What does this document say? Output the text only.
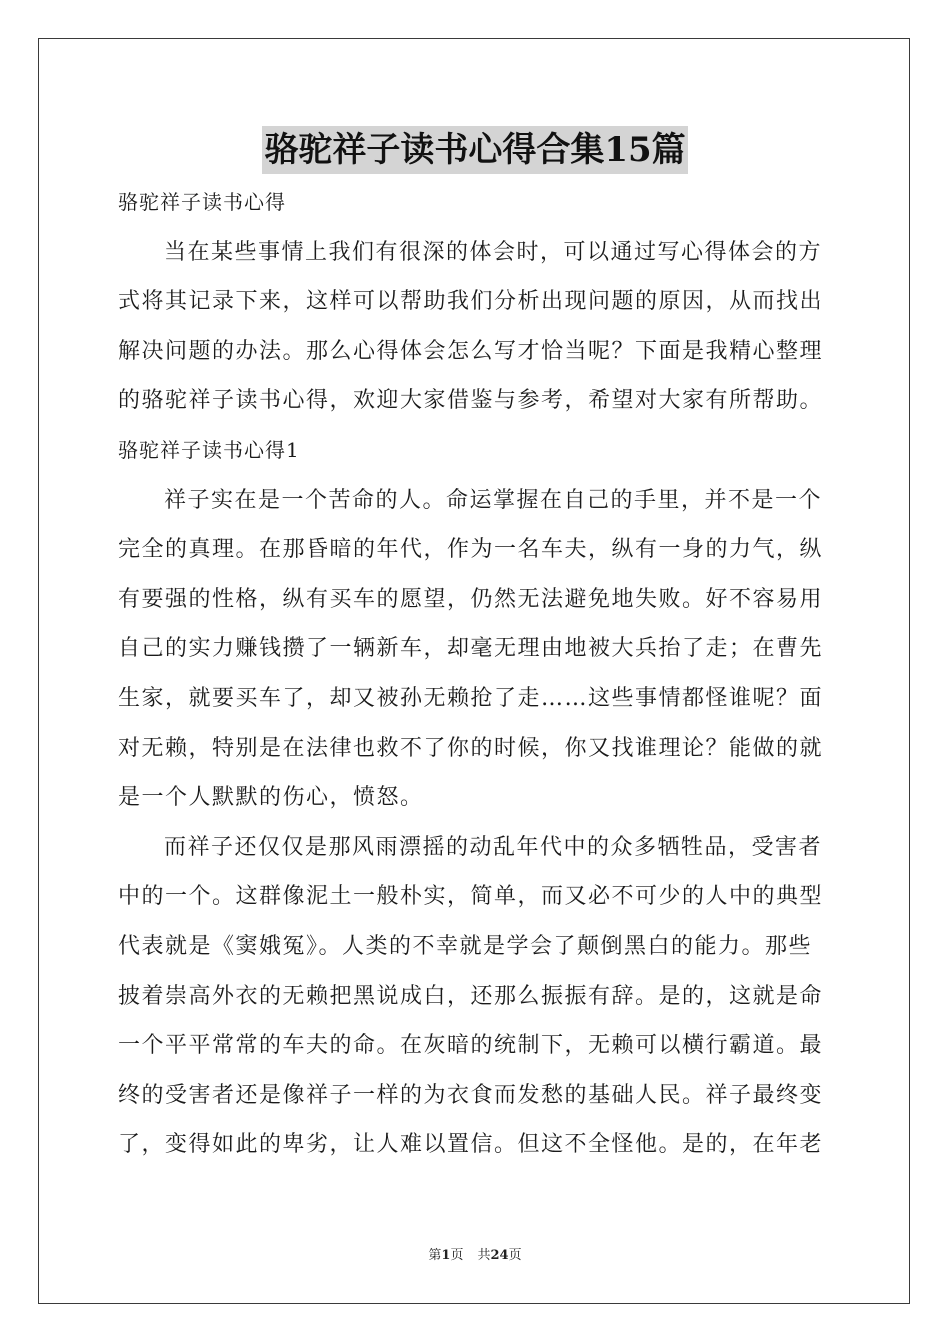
骆驼祥子读书心得合集15篇
骆驼祥子读书心得
当在某些事情上我们有很深的体会时，可以通过写心得体会的方
式将其记录下来，这样可以帮助我们分析出现问题的原因，从而找出
解决问题的办法。那么心得体会怎么写才恰当呢？下面是我精心整理
的骆驼祥子读书心得，欢迎大家借鉴与参考，希望对大家有所帮助。
骆驼祥子读书心得1
祥子实在是一个苦命的人。命运掌握在自己的手里，并不是一个
完全的真理。在那昏暗的年代，作为一名车夫，纵有一身的力气，纵
有要强的性格，纵有买车的愿望，仍然无法避免地失败。好不容易用
自己的实力赚钱攒了一辆新车，却毫无理由地被大兵抬了走；在曹先
生家，就要买车了，却又被孙无赖抢了走……这些事情都怪谁呢？面
对无赖，特别是在法律也救不了你的时候，你又找谁理论？能做的就
是一个人默默的伤心，愤怒。
而祥子还仅仅是那风雨漂摇的动乱年代中的众多牺牲品，受害者
中的一个。这群像泥土一般朴实，简单，而又必不可少的人中的典型
代表就是《窦娥冤》。人类的不幸就是学会了颠倒黑白的能力。那些
披着崇高外衣的无赖把黑说成白，还那么振振有辞。是的，这就是命
一个平平常常的车夫的命。在灰暗的统制下，无赖可以横行霸道。最
终的受害者还是像祥子一样的为衣食而发愁的基础人民。祥子最终变
了，变得如此的卑劣，让人难以置信。但这不全怪他。是的，在年老
第1页 共24页
